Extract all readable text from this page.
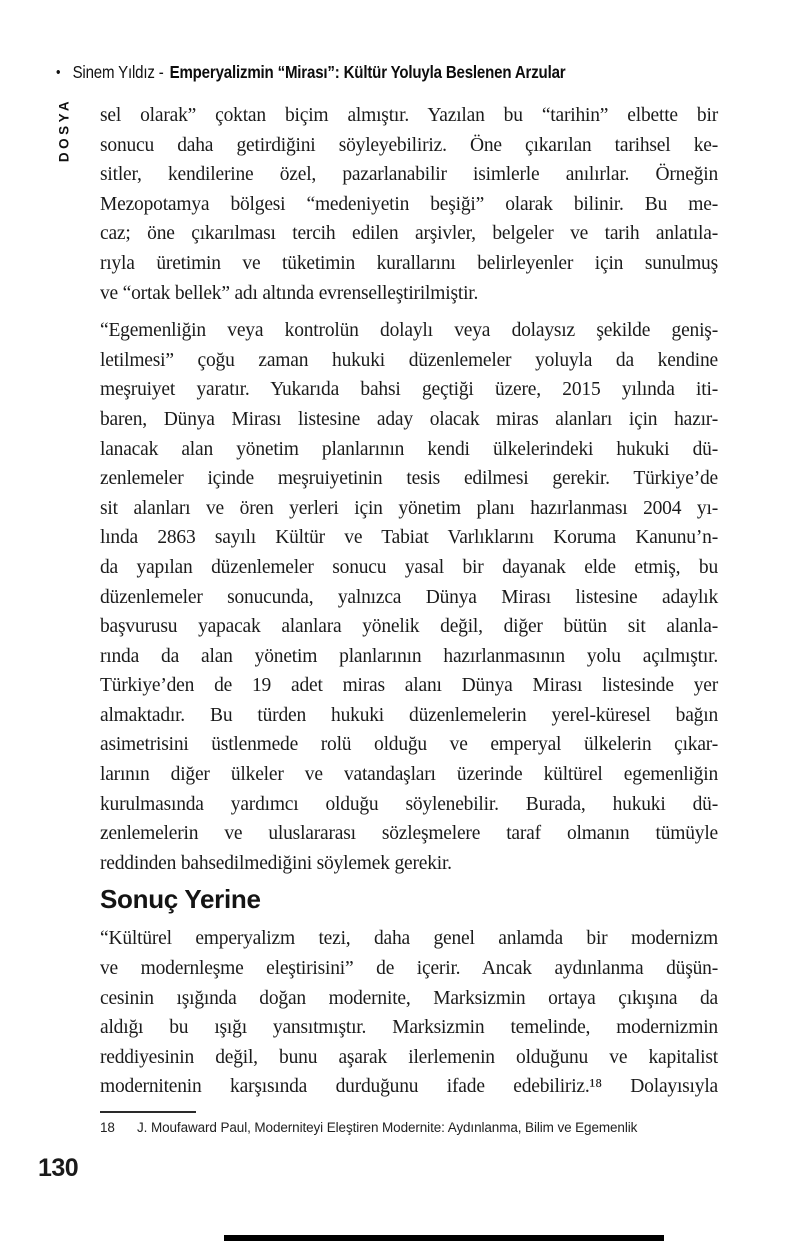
• Sinem Yıldız - Emperyalizmin “Mirası”: Kültür Yoluyla Beslenen Arzular
DOSYA sel olarak” çoktan biçim almıştır. Yazılan bu “tarihin” elbette bir
sonucu daha getirdiğini söyleyebiliriz. Öne çıkarılan tarihsel ke-
sitler, kendilerine özel, pazarlanabilir isimlerle anılırlar. Örneğin
Mezopotamya bölgesi “medeniyetin beşiği” olarak bilinir. Bu me-
caz; öne çıkarılması tercih edilen arşivler, belgeler ve tarih anlatıla-
rıyla üretimin ve tüketimin kurallarını belirleyenler için sunulmuş
ve “ortak bellek” adı altında evrenselleştirilmiştir.
“Egemenliğin veya kontrolün dolaylı veya dolaysız şekilde geniş-
letilmesi” çoğu zaman hukuki düzenlemeler yoluyla da kendine
meşruiyet yaratır. Yukarıda bahsi geçtiği üzere, 2015 yılında iti-
baren, Dünya Mirası listesine aday olacak miras alanları için hazır-
lanacak alan yönetim planlarının kendi ülkelerindeki hukuki dü-
zenlemeler içinde meşruiyetinin tesis edilmesi gerekir. Türkiye’de
sit alanları ve ören yerleri için yönetim planı hazırlanması 2004 yı-
lında 2863 sayılı Kültür ve Tabiat Varlıklarını Koruma Kanunu’n-
da yapılan düzenlemeler sonucu yasal bir dayanak elde etmiş, bu
düzenlemeler sonucunda, yalnızca Dünya Mirası listesine adaylık
başvurusu yapacak alanlara yönelik değil, diğer bütün sit alanla-
rında da alan yönetim planlarının hazırlanmasının yolu açılmıştır.
Türkiye’den de 19 adet miras alanı Dünya Mirası listesinde yer
almaktadır. Bu türden hukuki düzenlemelerin yerel-küresel bağın
asimetrisini üstlenmede rolü olduğu ve emperyal ülkelerin çıkar-
larının diğer ülkeler ve vatandaşları üzerinde kültürel egemenliğin
kurulmasında yardımcı olduğu söylenebilir. Burada, hukuki dü-
zenlemelerin ve uluslararası sözleşmelere taraf olmanın tümüyle
reddinden bahsedilmediğini söylemek gerekir.
Sonuç Yerine
“Kültürel emperyalizm tezi, daha genel anlamda bir modernizm
ve modernleşme eleştirisini” de içerir. Ancak aydınlanma düşün-
cesinin ışığında doğan modernite, Marksizmin ortaya çıkışına da
aldığı bu ışığı yansıtmıştır. Marksizmin temelinde, modernizmin
reddiyesinin değil, bunu aşarak ilerlemenin olduğunu ve kapitalist
modernitenin karşısında durduğunu ifade edebiliriz.¹⁸ Dolayısıyla
18	J. Moufaward Paul, Moderniteyi Eleştiren Modernite: Aydınlanma, Bilim ve Egemenlik
130
